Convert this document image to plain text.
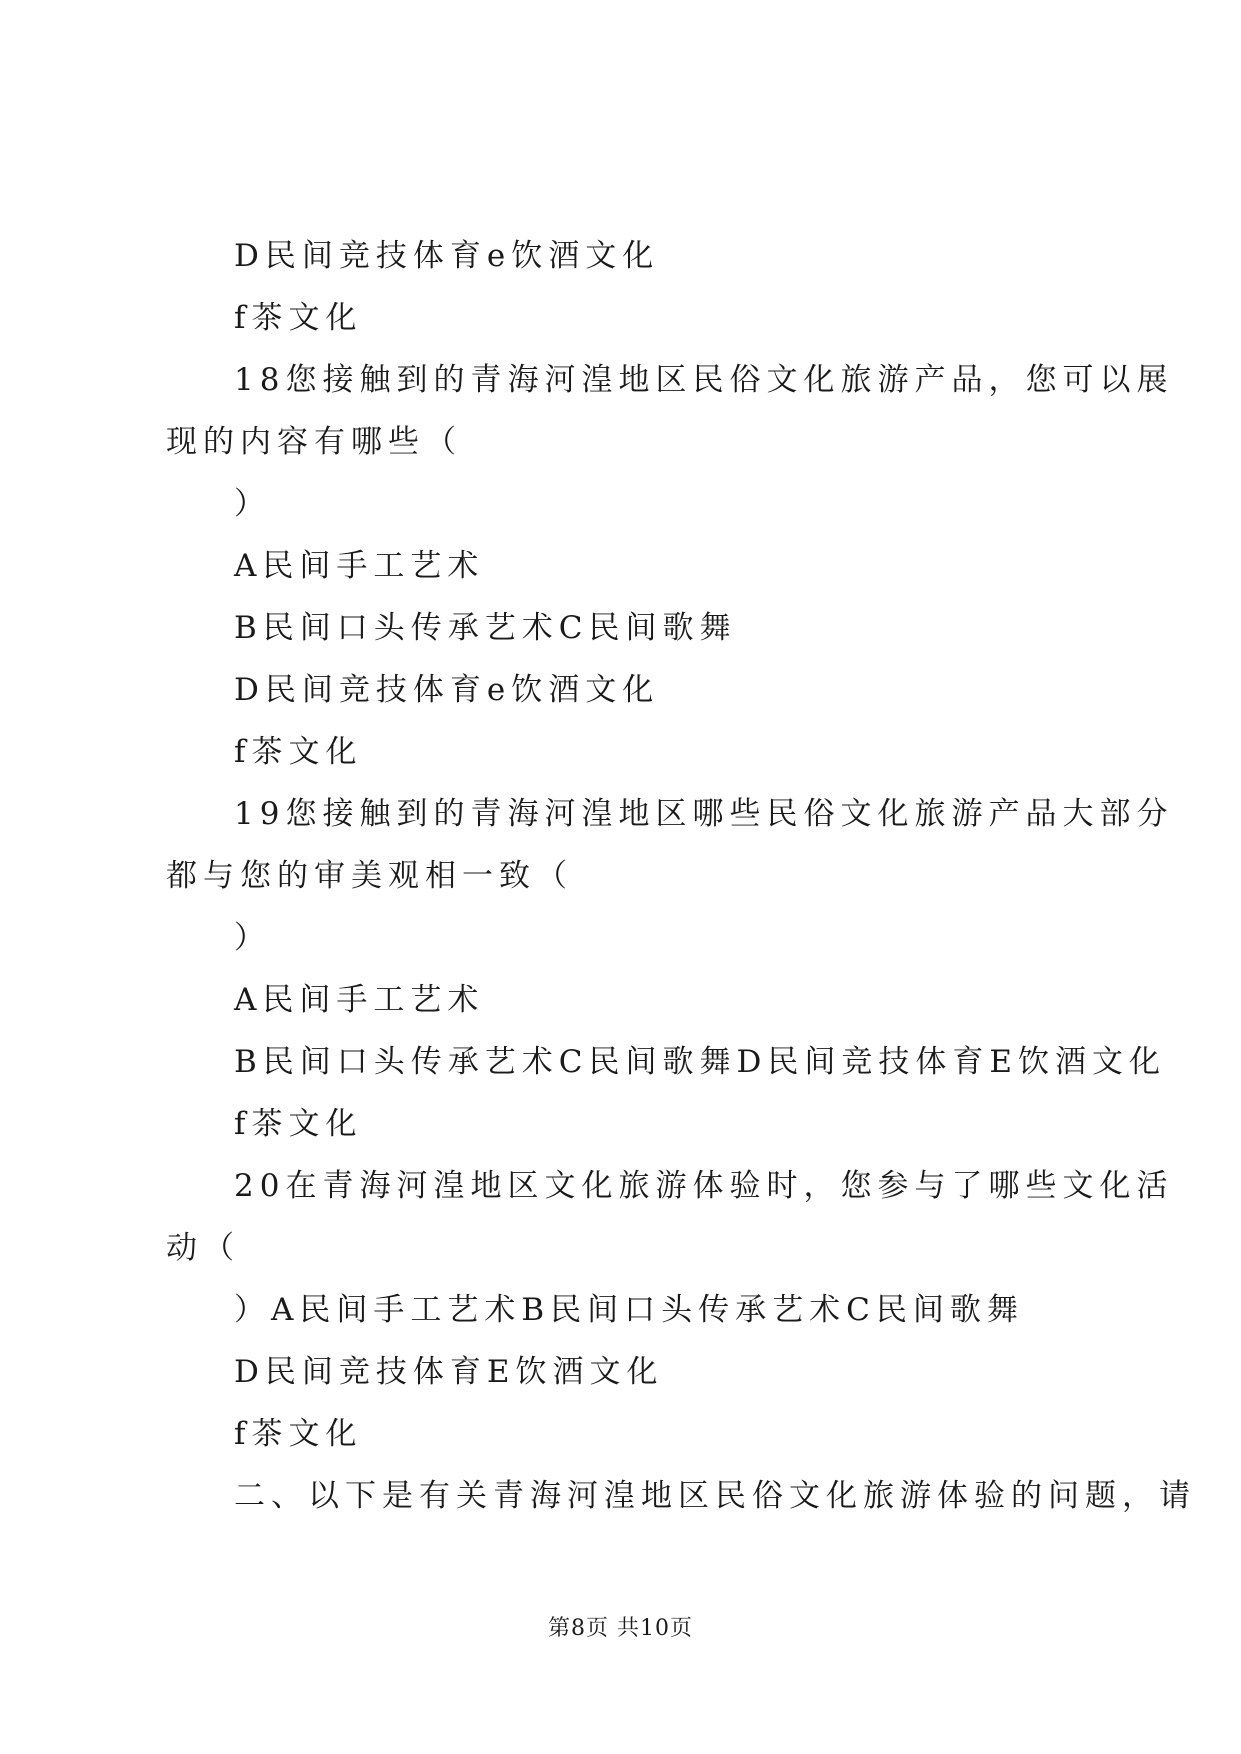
D民间竞技体育e饮酒文化
f茶文化
18您接触到的青海河湟地区民俗文化旅游产品，您可以展
现的内容有哪些（
）
A民间手工艺术
B民间口头传承艺术C民间歌舞
D民间竞技体育e饮酒文化
f茶文化
19您接触到的青海河湟地区哪些民俗文化旅游产品大部分
都与您的审美观相一致（
）
A民间手工艺术
B民间口头传承艺术C民间歌舞D民间竞技体育E饮酒文化
f茶文化
20在青海河湟地区文化旅游体验时，您参与了哪些文化活
动（
）A民间手工艺术B民间口头传承艺术C民间歌舞
D民间竞技体育E饮酒文化
f茶文化
二、以下是有关青海河湟地区民俗文化旅游体验的问题，请
第8页 共10页
